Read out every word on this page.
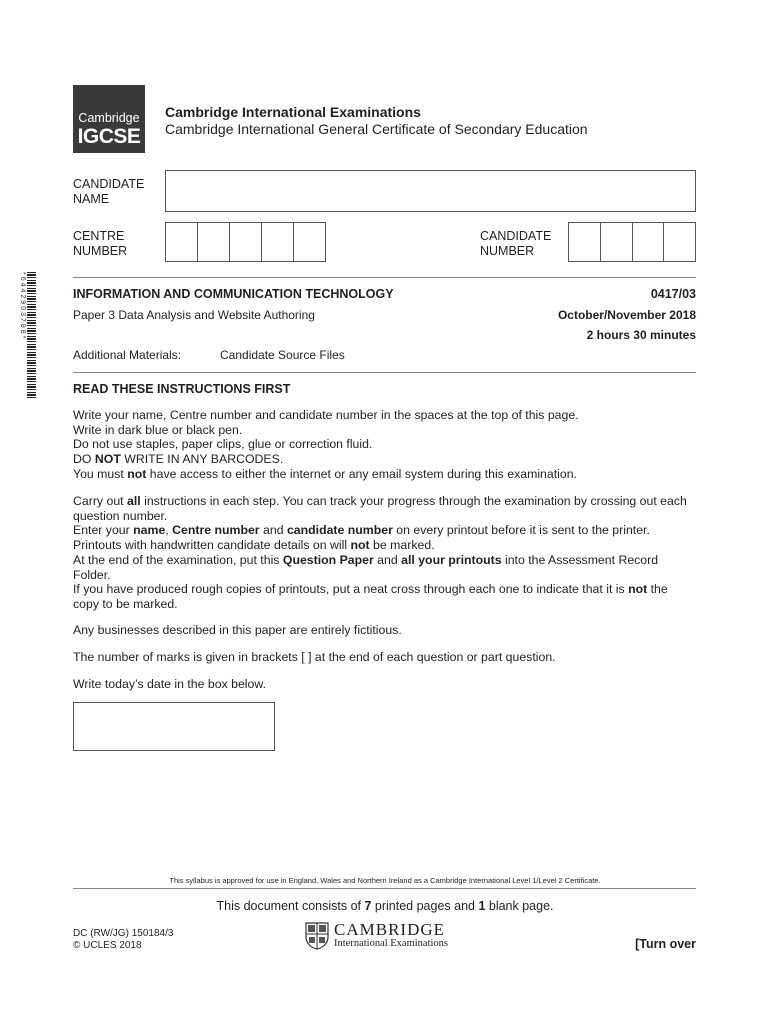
Cambridge
IGCSE
Cambridge International Examinations
Cambridge International General Certificate of Secondary Education
CANDIDATE
NAME
CENTRE
NUMBER
CANDIDATE
NUMBER
*6442903788*	INFORMATION AND COMMUNICATION TECHNOLOGY	0417/03
Paper 3 Data Analysis and Website Authoring	October/November 2018
2 hours 30 minutes
Additional Materials:	Candidate Source Files
READ THESE INSTRUCTIONS FIRST

Write your name, Centre number and candidate number in the spaces at the top of this page.

Write in dark blue or black pen.

Do not use staples, paper clips, glue or correction fluid.

DO NOT WRITE IN ANY BARCODES.

You must not have access to either the internet or any email system during this examination.

Carry out all instructions in each step. You can track your progress through the examination by crossing out each question number.

Enter your name, Centre number and candidate number on every printout before it is sent to the printer.

Printouts with handwritten candidate details on will not be marked.

At the end of the examination, put this Question Paper and all your printouts into the Assessment Record Folder.

If you have produced rough copies of printouts, put a neat cross through each one to indicate that it is not the copy to be marked.

Any businesses described in this paper are entirely fictitious.
The number of marks is given in brackets [ ] at the end of each question or part question.
Write today’s date in the box below.
This syllabus is approved for use in England, Wales and Northern Ireland as a Cambridge International Level 1/Level 2 Certificate.
This document consists of 7 printed pages and 1 blank page.
DC (RW/JG) 150184/3
© UCLES 2018
CAMBRIDGE
International Examinations	[Turn over
